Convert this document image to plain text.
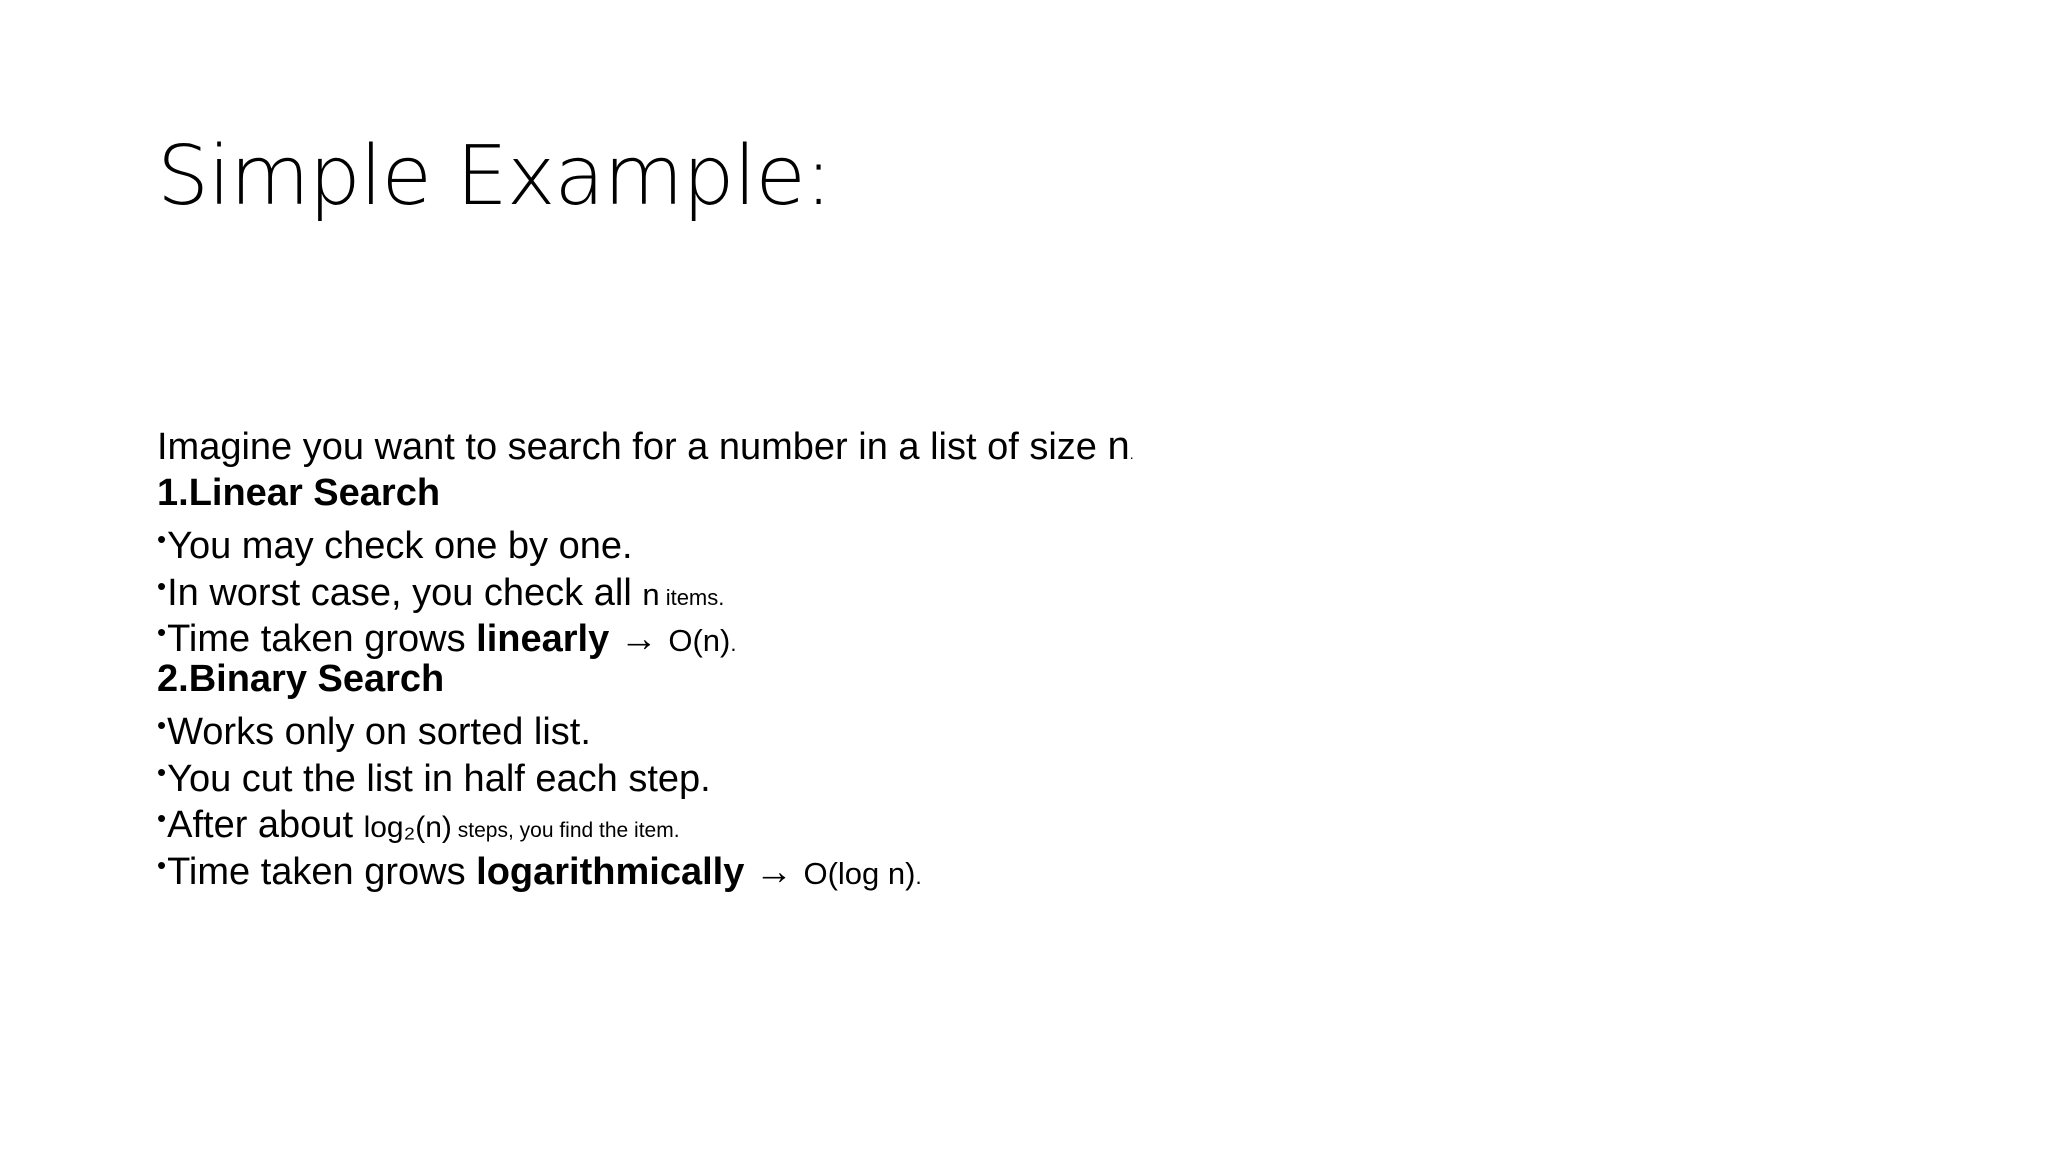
Simple Example:
Imagine you want to search for a number in a list of size n.
1.Linear Search
•You may check one by one.
•In worst case, you check all n items.
•Time taken grows linearly → O(n).
2.Binary Search
•Works only on sorted list.
•You cut the list in half each step.
•After about log₂(n) steps, you find the item.
•Time taken grows logarithmically → O(log n).
